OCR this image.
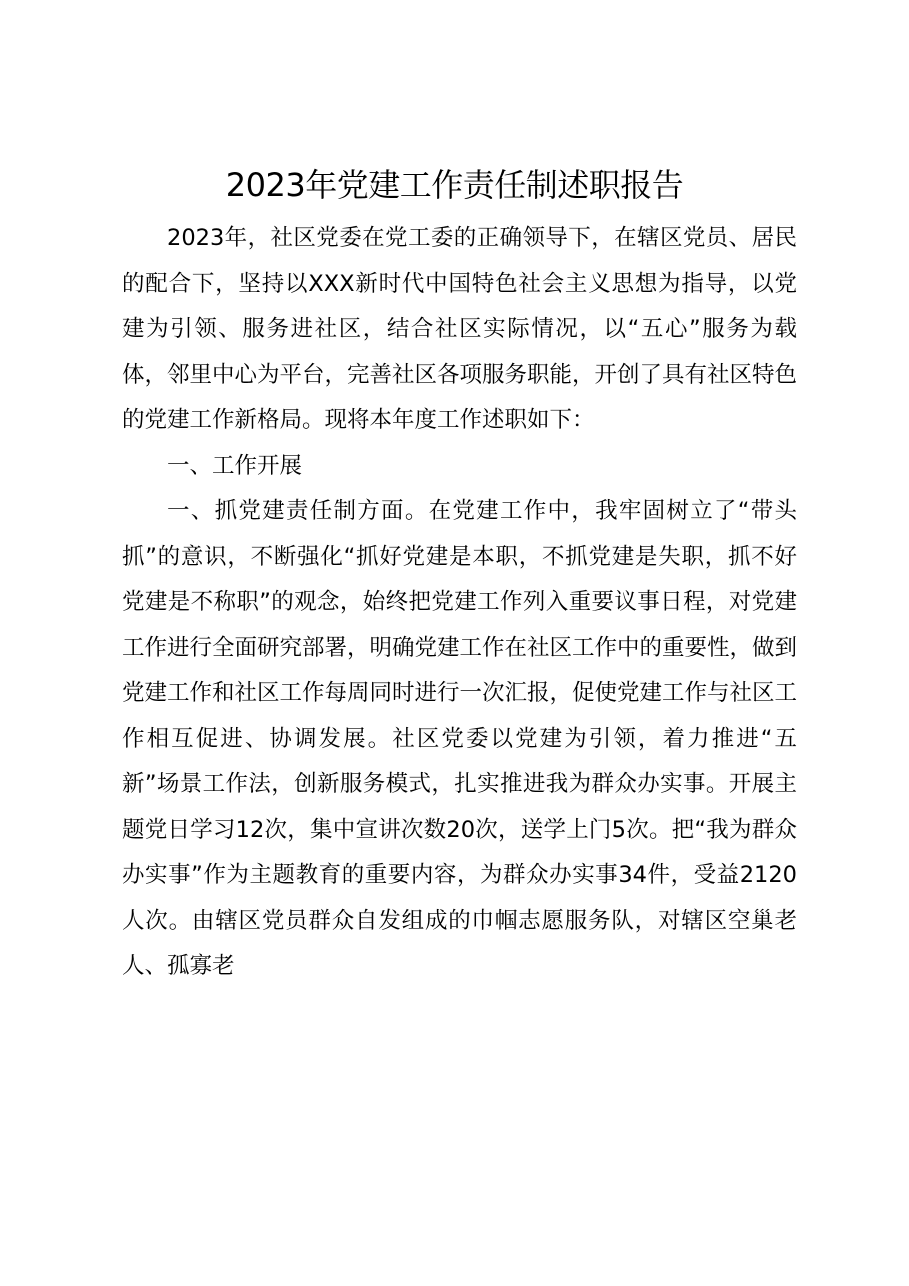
2023年党建工作责任制述职报告

2023年，社区党委在党工委的正确领导下，在辖区党员、居民的配合下，坚持以XXX新时代中国特色社会主义思想为指导，以党建为引领、服务进社区，结合社区实际情况，以“五心”服务为载体，邻里中心为平台，完善社区各项服务职能，开创了具有社区特色的党建工作新格局。现将本年度工作述职如下：

一、工作开展

一、抓党建责任制方面。在党建工作中，我牢固树立了“带头抓”的意识，不断强化“抓好党建是本职，不抓党建是失职，抓不好党建是不称职”的观念，始终把党建工作列入重要议事日程，对党建工作进行全面研究部署，明确党建工作在社区工作中的重要性，做到党建工作和社区工作每周同时进行一次汇报，促使党建工作与社区工作相互促进、协调发展。社区党委以党建为引领，着力推进“五新”场景工作法，创新服务模式，扎实推进我为群众办实事。开展主题党日学习12次，集中宣讲次数20次，送学上门5次。把“我为群众办实事”作为主题教育的重要内容，为群众办实事34件，受益2120人次。由辖区党员群众自发组成的巾帼志愿服务队，对辖区空巢老人、孤寡老
